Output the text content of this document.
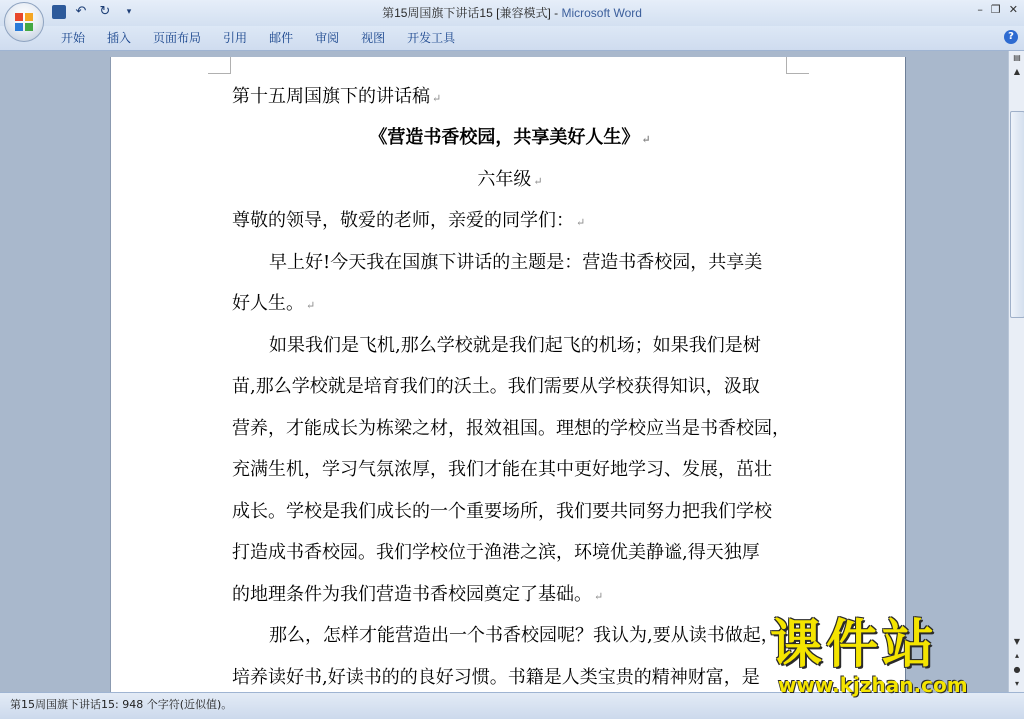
↶ ↻	▾	第15周国旗下讲话15 [兼容模式] - Microsoft Word	– ❐ ✕
开始	插入	页面布局	引用	邮件	审阅	视图	开发工具	?
第十五周国旗下的讲话稿 ↵
《营造书香校园，共享美好人生》 ↵
六年级 ↵
尊敬的领导，敬爱的老师，亲爱的同学们： ↵
早上好!今天我在国旗下讲话的主题是：营造书香校园，共享美
好人生。 ↵
如果我们是飞机,那么学校就是我们起飞的机场；如果我们是树
苗,那么学校就是培育我们的沃土。我们需要从学校获得知识，汲取
营养，才能成长为栋梁之材，报效祖国。理想的学校应当是书香校园，
充满生机，学习气氛浓厚，我们才能在其中更好地学习、发展，茁壮
成长。学校是我们成长的一个重要场所，我们要共同努力把我们学校
打造成书香校园。我们学校位于渔港之滨，环境优美静谧,得天独厚
的地理条件为我们营造书香校园奠定了基础。 ↵
那么，怎样才能营造出一个书香校园呢？我认为,要从读书做起，
培养读好书,好读书的的良好习惯。书籍是人类宝贵的精神财富，是
▤
▲
▼
▴
●
▾
第15周国旗下讲话15: 948 个字符(近似值)。
课件站
www.kjzhan.com
